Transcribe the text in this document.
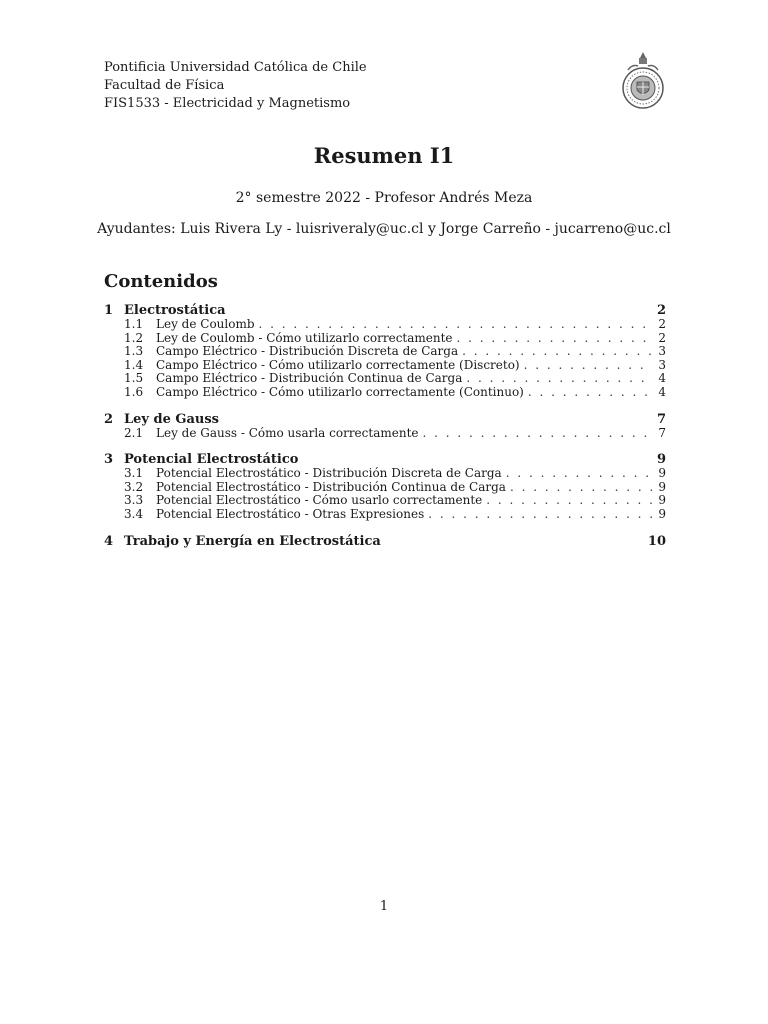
Pontificia Universidad Católica de Chile
Facultad de Física
FIS1533 - Electricidad y Magnetismo
Resumen I1
2° semestre 2022 - Profesor Andrés Meza
Ayudantes: Luis Rivera Ly - luisriveraly@uc.cl y Jorge Carreño - jucarreno@uc.cl
Contenidos
1 Electrostática	2
1.1	Ley de Coulomb . . .	2
1.2	Ley de Coulomb - Cómo utilizarlo correctamente . . .	2
1.3	Campo Eléctrico - Distribución Discreta de Carga . . .	3
1.4	Campo Eléctrico - Cómo utilizarlo correctamente (Discreto) . . .	3
1.5	Campo Eléctrico - Distribución Continua de Carga . . .	4
1.6	Campo Eléctrico - Cómo utilizarlo correctamente (Continuo) . . .	4
2 Ley de Gauss	7
2.1	Ley de Gauss - Cómo usarla correctamente . . .	7
3 Potencial Electrostático	9
3.1	Potencial Electrostático - Distribución Discreta de Carga . . .	9
3.2	Potencial Electrostático - Distribución Continua de Carga . . .	9
3.3	Potencial Electrostático - Cómo usarlo correctamente . . .	9
3.4	Potencial Electrostático - Otras Expresiones . . .	9
4 Trabajo y Energía en Electrostática	10
1
